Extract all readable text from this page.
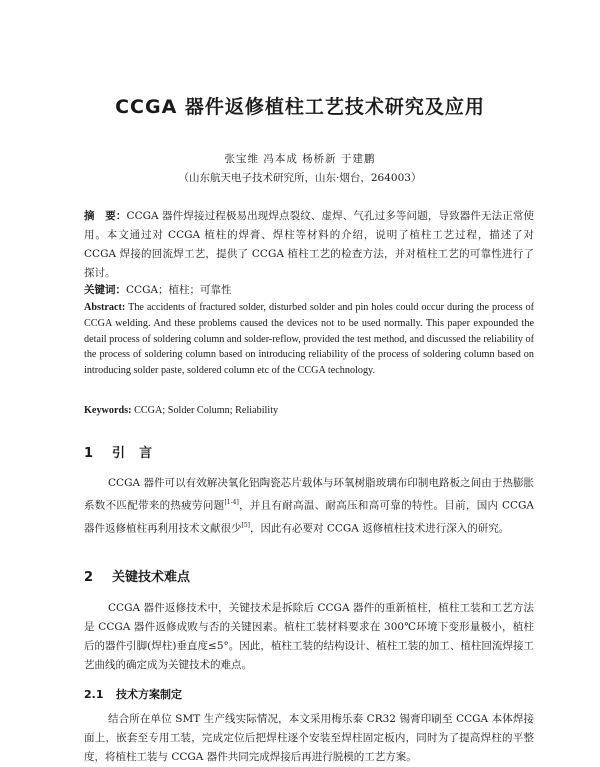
CCGA 器件返修植柱工艺技术研究及应用
张宝维 冯本成 杨桥新 于建鹏
（山东航天电子技术研究所，山东·烟台，264003）
摘　要：CCGA 器件焊接过程极易出现焊点裂纹、虚焊、气孔过多等问题，导致器件无法正常使用。本文通过对 CCGA 植柱的焊膏、焊柱等材料的介绍，说明了植柱工艺过程，描述了对 CCGA 焊接的回流焊工艺，提供了 CCGA 植柱工艺的检查方法，并对植柱工艺的可靠性进行了探讨。
关键词：CCGA；植柱；可靠性
Abstract: The accidents of fractured solder, disturbed solder and pin holes could occur during the process of CCGA welding. And these problems caused the devices not to be used normally. This paper expounded the detail process of soldering column and solder-reflow, provided the test method, and discussed the reliability of the process of soldering column based on introducing reliability of the process of soldering column based on introducing solder paste, soldered column etc of the CCGA technology.
Keywords: CCGA; Solder Column; Reliability
1 引言
CCGA 器件可以有效解决氧化铝陶瓷芯片载体与环氧树脂玻璃布印制电路板之间由于热膨胀系数不匹配带来的热疲劳问题[1-4]，并且有耐高温、耐高压和高可靠的特性。目前，国内 CCGA 器件返修植柱再利用技术文献很少[5]，因此有必要对 CCGA 返修植柱技术进行深入的研究。
2 关键技术难点
CCGA 器件返修技术中，关键技术是拆除后 CCGA 器件的重新植柱，植柱工装和工艺方法是 CCGA 器件返修成败与否的关键因素。植柱工装材料要求在 300℃环境下变形量极小，植柱后的器件引脚(焊柱)垂直度≤5°。因此，植柱工装的结构设计、植柱工装的加工、植柱回流焊接工艺曲线的确定成为关键技术的难点。
2.1 技术方案制定
结合所在单位 SMT 生产线实际情况，本文采用梅乐泰 CR32 锡膏印刷至 CCGA 本体焊接面上，嵌套至专用工装，完成定位后把焊柱逐个安装至焊柱固定板内，同时为了提高焊柱的平整度，将植柱工装与 CCGA 器件共同完成焊接后再进行脱模的工艺方案。
